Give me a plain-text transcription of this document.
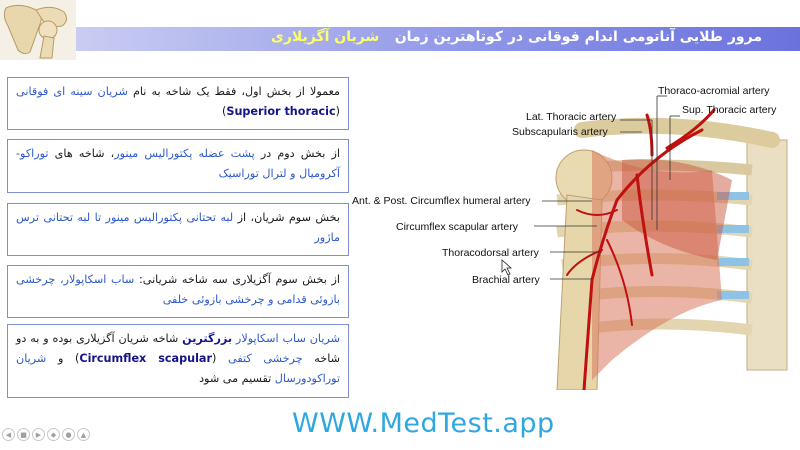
مرور طلایی آناتومی اندام فوقانی در کوتاهترین زمان
شریان آگزیلاری
معمولا از بخش اول، فقط یک شاخه به نام شریان سینه ای فوقانی (Superior thoracic)
از بخش دوم در پشت عضله پکتورالیس مینور، شاخه های توراکو-آکرومیال و لترال توراسیک
بخش سوم شریان، از لبه تحتانی پکتورالیس مینور تا لبه تحتانی ترس ماژور
از بخش سوم آگزیلاری سه شاخه شریانی: ساب اسکاپولار، چرخشی بازوئی قدامی و چرخشی بازوئی خلفی
شریان ساب اسکاپولار بزرگترین شاخه شریان آگزیلاری بوده و به دو شاخه چرخشی کتفی (Circumflex scapular) و شریان توراکودورسال تقسیم می شود
Thoraco-acromial artery
Sup. Thoracic artery
Lat. Thoracic artery
Subscapularis artery
Ant. & Post. Circumflex humeral artery
Circumflex scapular artery
Thoracodorsal artery
Brachial artery
WWW.MedTest.app
◀	■	▶	◆	●	▲
